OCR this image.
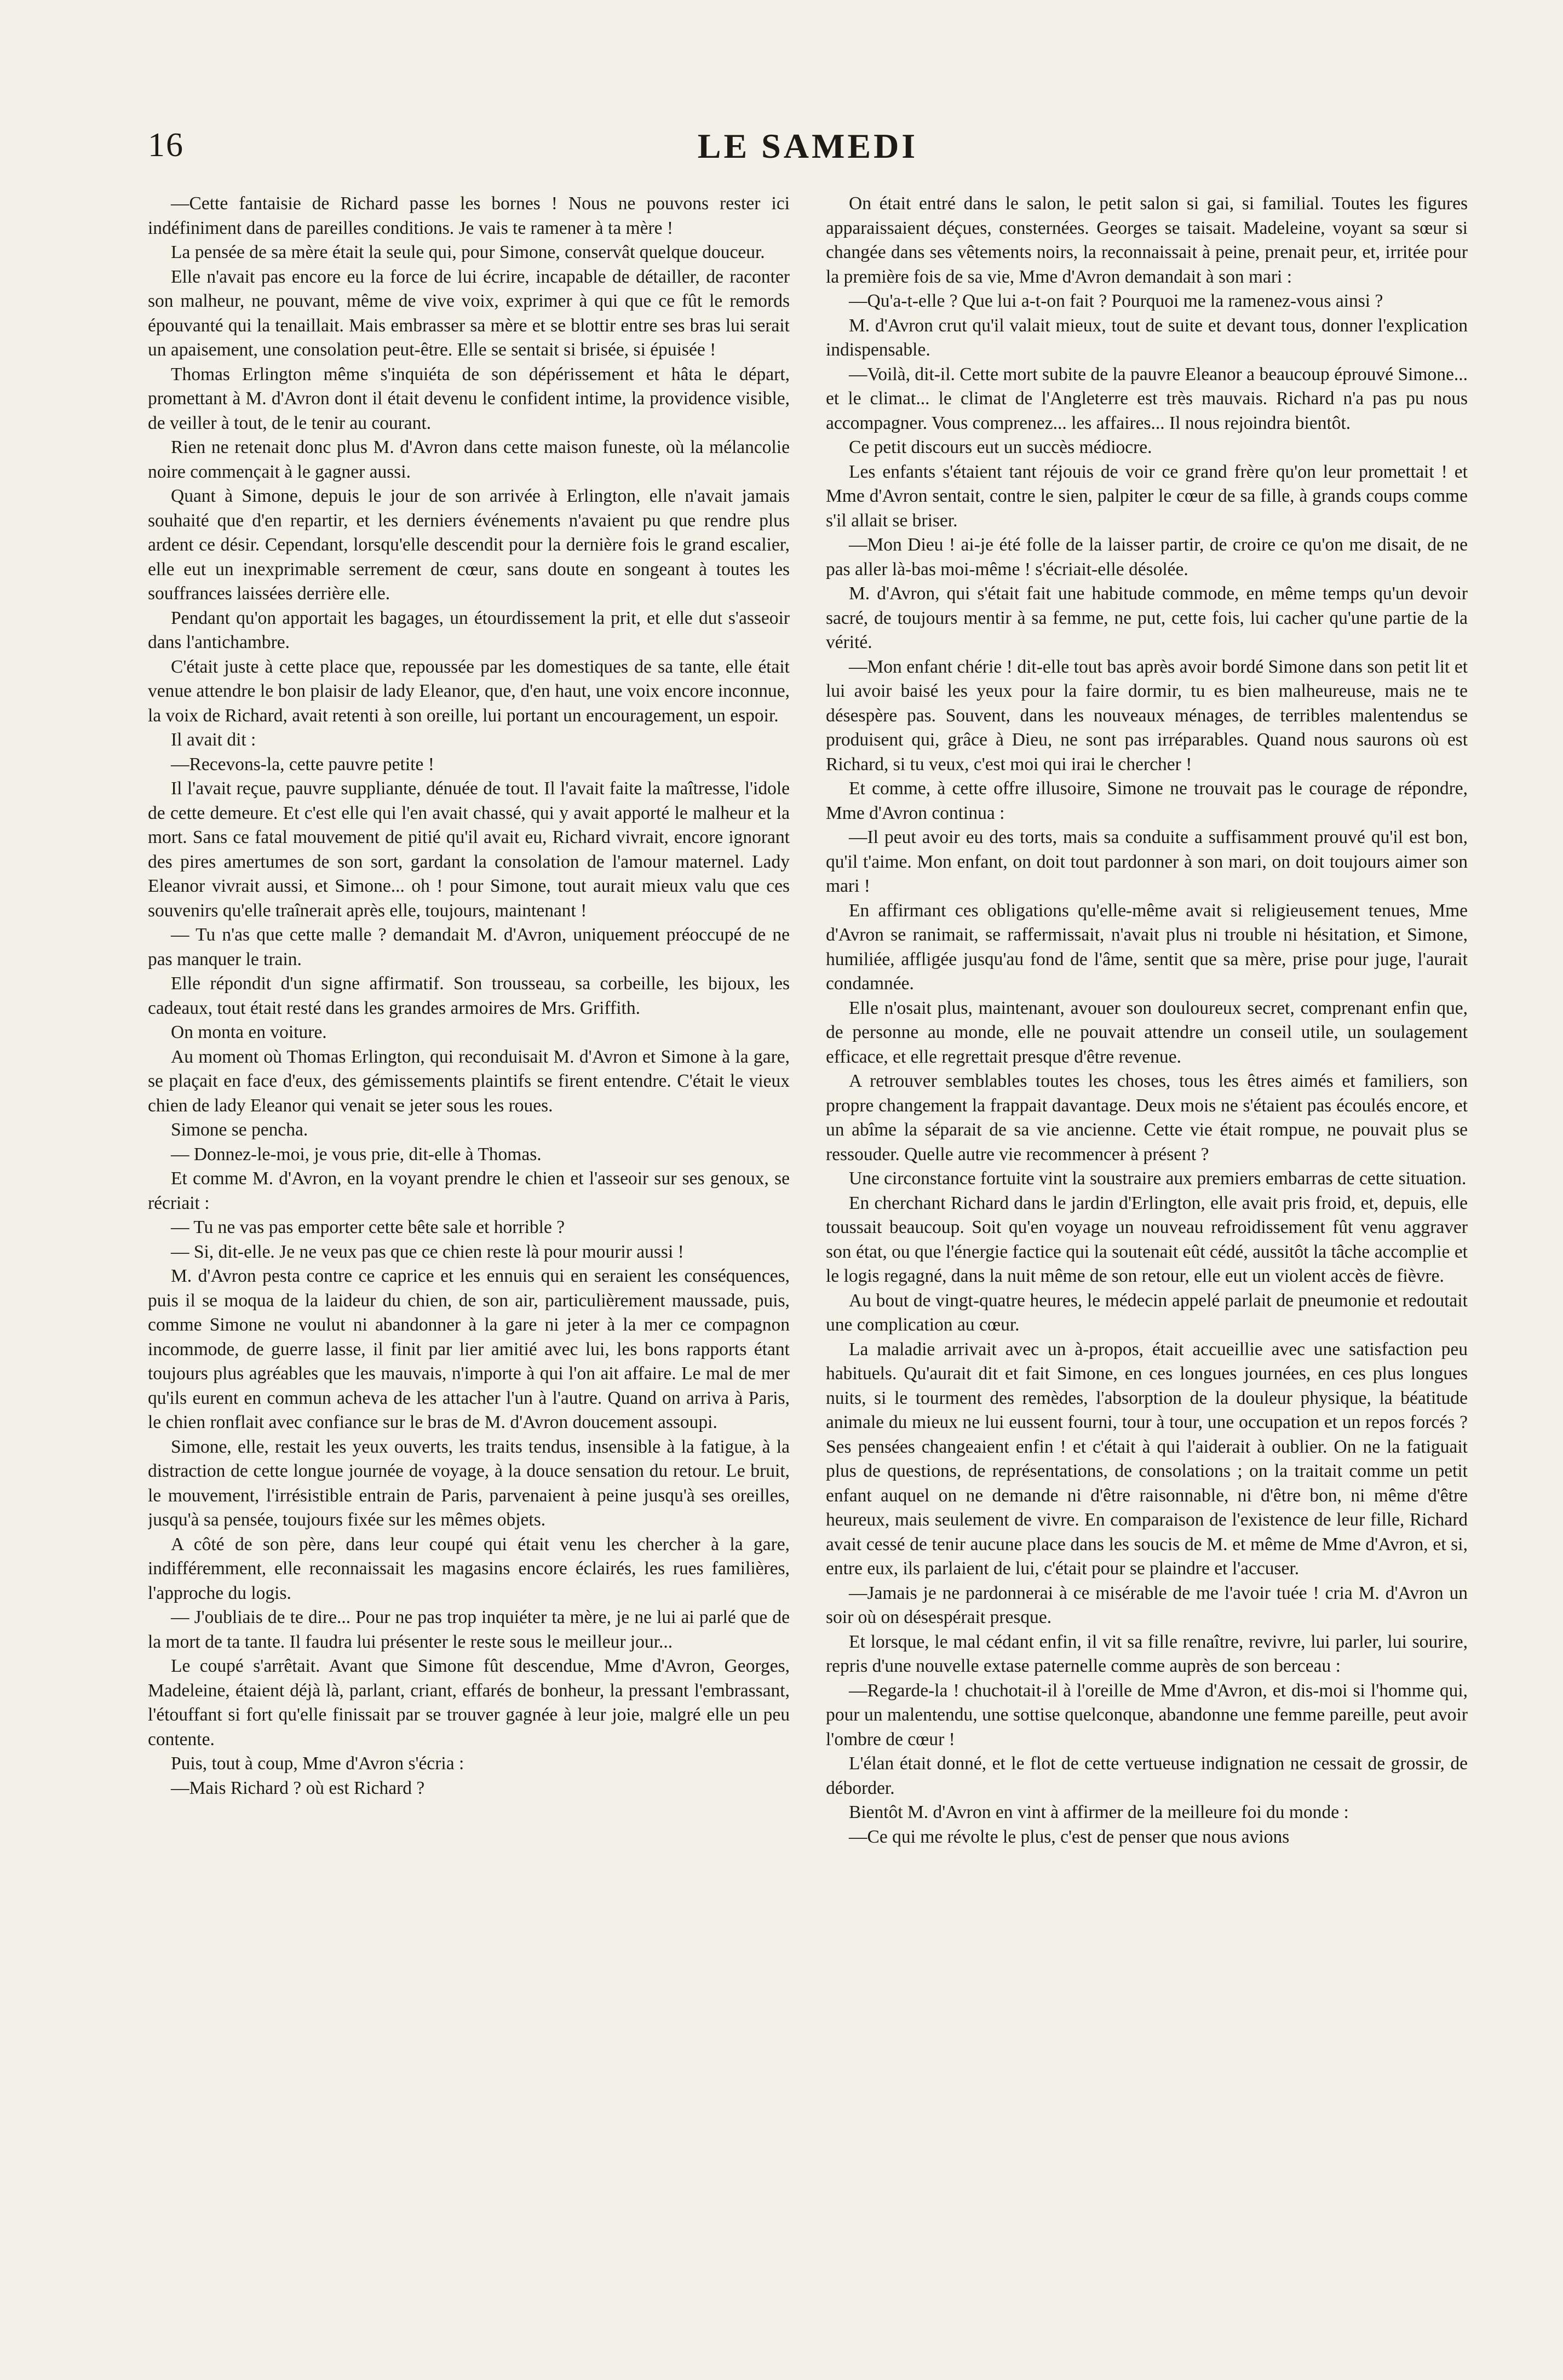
16	LE SAMEDI

—Cette fantaisie de Richard passe les bornes ! Nous ne pouvons rester ici indéfiniment dans de pareilles conditions. Je vais te ramener à ta mère !

La pensée de sa mère était la seule qui, pour Simone, conservât quelque douceur.

Elle n'avait pas encore eu la force de lui écrire, incapable de détailler, de raconter son malheur, ne pouvant, même de vive voix, exprimer à qui que ce fût le remords épouvanté qui la tenaillait. Mais embrasser sa mère et se blottir entre ses bras lui serait un apaisement, une consolation peut-être. Elle se sentait si brisée, si épuisée !

Thomas Erlington même s'inquiéta de son dépérissement et hâta le départ, promettant à M. d'Avron dont il était devenu le confident intime, la providence visible, de veiller à tout, de le tenir au courant.

Rien ne retenait donc plus M. d'Avron dans cette maison funeste, où la mélancolie noire commençait à le gagner aussi.

Quant à Simone, depuis le jour de son arrivée à Erlington, elle n'avait jamais souhaité que d'en repartir, et les derniers événements n'avaient pu que rendre plus ardent ce désir. Cependant, lorsqu'elle descendit pour la dernière fois le grand escalier, elle eut un inexprimable serrement de cœur, sans doute en songeant à toutes les souffrances laissées derrière elle.

Pendant qu'on apportait les bagages, un étourdissement la prit, et elle dut s'asseoir dans l'antichambre.

C'était juste à cette place que, repoussée par les domestiques de sa tante, elle était venue attendre le bon plaisir de lady Eleanor, que, d'en haut, une voix encore inconnue, la voix de Richard, avait retenti à son oreille, lui portant un encouragement, un espoir.

Il avait dit :

—Recevons-la, cette pauvre petite !

Il l'avait reçue, pauvre suppliante, dénuée de tout. Il l'avait faite la maîtresse, l'idole de cette demeure. Et c'est elle qui l'en avait chassé, qui y avait apporté le malheur et la mort. Sans ce fatal mouvement de pitié qu'il avait eu, Richard vivrait, encore ignorant des pires amertumes de son sort, gardant la consolation de l'amour maternel. Lady Eleanor vivrait aussi, et Simone... oh ! pour Simone, tout aurait mieux valu que ces souvenirs qu'elle traînerait après elle, toujours, maintenant !

— Tu n'as que cette malle ? demandait M. d'Avron, uniquement préoccupé de ne pas manquer le train.

Elle répondit d'un signe affirmatif. Son trousseau, sa corbeille, les bijoux, les cadeaux, tout était resté dans les grandes armoires de Mrs. Griffith.

On monta en voiture.

Au moment où Thomas Erlington, qui reconduisait M. d'Avron et Simone à la gare, se plaçait en face d'eux, des gémissements plaintifs se firent entendre. C'était le vieux chien de lady Eleanor qui venait se jeter sous les roues.

Simone se pencha.

— Donnez-le-moi, je vous prie, dit-elle à Thomas.

Et comme M. d'Avron, en la voyant prendre le chien et l'asseoir sur ses genoux, se récriait :

— Tu ne vas pas emporter cette bête sale et horrible ?

— Si, dit-elle. Je ne veux pas que ce chien reste là pour mourir aussi !

M. d'Avron pesta contre ce caprice et les ennuis qui en seraient les conséquences, puis il se moqua de la laideur du chien, de son air, particulièrement maussade, puis, comme Simone ne voulut ni abandonner à la gare ni jeter à la mer ce compagnon incommode, de guerre lasse, il finit par lier amitié avec lui, les bons rapports étant toujours plus agréables que les mauvais, n'importe à qui l'on ait affaire. Le mal de mer qu'ils eurent en commun acheva de les attacher l'un à l'autre. Quand on arriva à Paris, le chien ronflait avec confiance sur le bras de M. d'Avron doucement assoupi.

Simone, elle, restait les yeux ouverts, les traits tendus, insensible à la fatigue, à la distraction de cette longue journée de voyage, à la douce sensation du retour. Le bruit, le mouvement, l'irrésistible entrain de Paris, parvenaient à peine jusqu'à ses oreilles, jusqu'à sa pensée, toujours fixée sur les mêmes objets.

A côté de son père, dans leur coupé qui était venu les chercher à la gare, indifféremment, elle reconnaissait les magasins encore éclairés, les rues familières, l'approche du logis.

— J'oubliais de te dire... Pour ne pas trop inquiéter ta mère, je ne lui ai parlé que de la mort de ta tante. Il faudra lui présenter le reste sous le meilleur jour...

Le coupé s'arrêtait. Avant que Simone fût descendue, Mme d'Avron, Georges, Madeleine, étaient déjà là, parlant, criant, effarés de bonheur, la pressant l'embrassant, l'étouffant si fort qu'elle finissait par se trouver gagnée à leur joie, malgré elle un peu contente.

Puis, tout à coup, Mme d'Avron s'écria :

—Mais Richard ? où est Richard ?

On était entré dans le salon, le petit salon si gai, si familial. Toutes les figures apparaissaient déçues, consternées. Georges se taisait. Madeleine, voyant sa sœur si changée dans ses vêtements noirs, la reconnaissait à peine, prenait peur, et, irritée pour la première fois de sa vie, Mme d'Avron demandait à son mari :

—Qu'a-t-elle ? Que lui a-t-on fait ? Pourquoi me la ramenez-vous ainsi ?

M. d'Avron crut qu'il valait mieux, tout de suite et devant tous, donner l'explication indispensable.

—Voilà, dit-il. Cette mort subite de la pauvre Eleanor a beaucoup éprouvé Simone... et le climat... le climat de l'Angleterre est très mauvais. Richard n'a pas pu nous accompagner. Vous comprenez... les affaires... Il nous rejoindra bientôt.

Ce petit discours eut un succès médiocre.

Les enfants s'étaient tant réjouis de voir ce grand frère qu'on leur promettait ! et Mme d'Avron sentait, contre le sien, palpiter le cœur de sa fille, à grands coups comme s'il allait se briser.

—Mon Dieu ! ai-je été folle de la laisser partir, de croire ce qu'on me disait, de ne pas aller là-bas moi-même ! s'écriait-elle désolée.

M. d'Avron, qui s'était fait une habitude commode, en même temps qu'un devoir sacré, de toujours mentir à sa femme, ne put, cette fois, lui cacher qu'une partie de la vérité.

—Mon enfant chérie ! dit-elle tout bas après avoir bordé Simone dans son petit lit et lui avoir baisé les yeux pour la faire dormir, tu es bien malheureuse, mais ne te désespère pas. Souvent, dans les nouveaux ménages, de terribles malentendus se produisent qui, grâce à Dieu, ne sont pas irréparables. Quand nous saurons où est Richard, si tu veux, c'est moi qui irai le chercher !

Et comme, à cette offre illusoire, Simone ne trouvait pas le courage de répondre, Mme d'Avron continua :

—Il peut avoir eu des torts, mais sa conduite a suffisamment prouvé qu'il est bon, qu'il t'aime. Mon enfant, on doit tout pardonner à son mari, on doit toujours aimer son mari !

En affirmant ces obligations qu'elle-même avait si religieusement tenues, Mme d'Avron se ranimait, se raffermissait, n'avait plus ni trouble ni hésitation, et Simone, humiliée, affligée jusqu'au fond de l'âme, sentit que sa mère, prise pour juge, l'aurait condamnée.

Elle n'osait plus, maintenant, avouer son douloureux secret, comprenant enfin que, de personne au monde, elle ne pouvait attendre un conseil utile, un soulagement efficace, et elle regrettait presque d'être revenue.

A retrouver semblables toutes les choses, tous les êtres aimés et familiers, son propre changement la frappait davantage. Deux mois ne s'étaient pas écoulés encore, et un abîme la séparait de sa vie ancienne. Cette vie était rompue, ne pouvait plus se ressouder. Quelle autre vie recommencer à présent ?

Une circonstance fortuite vint la soustraire aux premiers embarras de cette situation.

En cherchant Richard dans le jardin d'Erlington, elle avait pris froid, et, depuis, elle toussait beaucoup. Soit qu'en voyage un nouveau refroidissement fût venu aggraver son état, ou que l'énergie factice qui la soutenait eût cédé, aussitôt la tâche accomplie et le logis regagné, dans la nuit même de son retour, elle eut un violent accès de fièvre.

Au bout de vingt-quatre heures, le médecin appelé parlait de pneumonie et redoutait une complication au cœur.

La maladie arrivait avec un à-propos, était accueillie avec une satisfaction peu habituels. Qu'aurait dit et fait Simone, en ces longues journées, en ces plus longues nuits, si le tourment des remèdes, l'absorption de la douleur physique, la béatitude animale du mieux ne lui eussent fourni, tour à tour, une occupation et un repos forcés ? Ses pensées changeaient enfin ! et c'était à qui l'aiderait à oublier. On ne la fatiguait plus de questions, de représentations, de consolations ; on la traitait comme un petit enfant auquel on ne demande ni d'être raisonnable, ni d'être bon, ni même d'être heureux, mais seulement de vivre. En comparaison de l'existence de leur fille, Richard avait cessé de tenir aucune place dans les soucis de M. et même de Mme d'Avron, et si, entre eux, ils parlaient de lui, c'était pour se plaindre et l'accuser.

—Jamais je ne pardonnerai à ce misérable de me l'avoir tuée ! cria M. d'Avron un soir où on désespérait presque.

Et lorsque, le mal cédant enfin, il vit sa fille renaître, revivre, lui parler, lui sourire, repris d'une nouvelle extase paternelle comme auprès de son berceau :

—Regarde-la ! chuchotait-il à l'oreille de Mme d'Avron, et dis-moi si l'homme qui, pour un malentendu, une sottise quelconque, abandonne une femme pareille, peut avoir l'ombre de cœur !

L'élan était donné, et le flot de cette vertueuse indignation ne cessait de grossir, de déborder.

Bientôt M. d'Avron en vint à affirmer de la meilleure foi du monde :

—Ce qui me révolte le plus, c'est de penser que nous avions
